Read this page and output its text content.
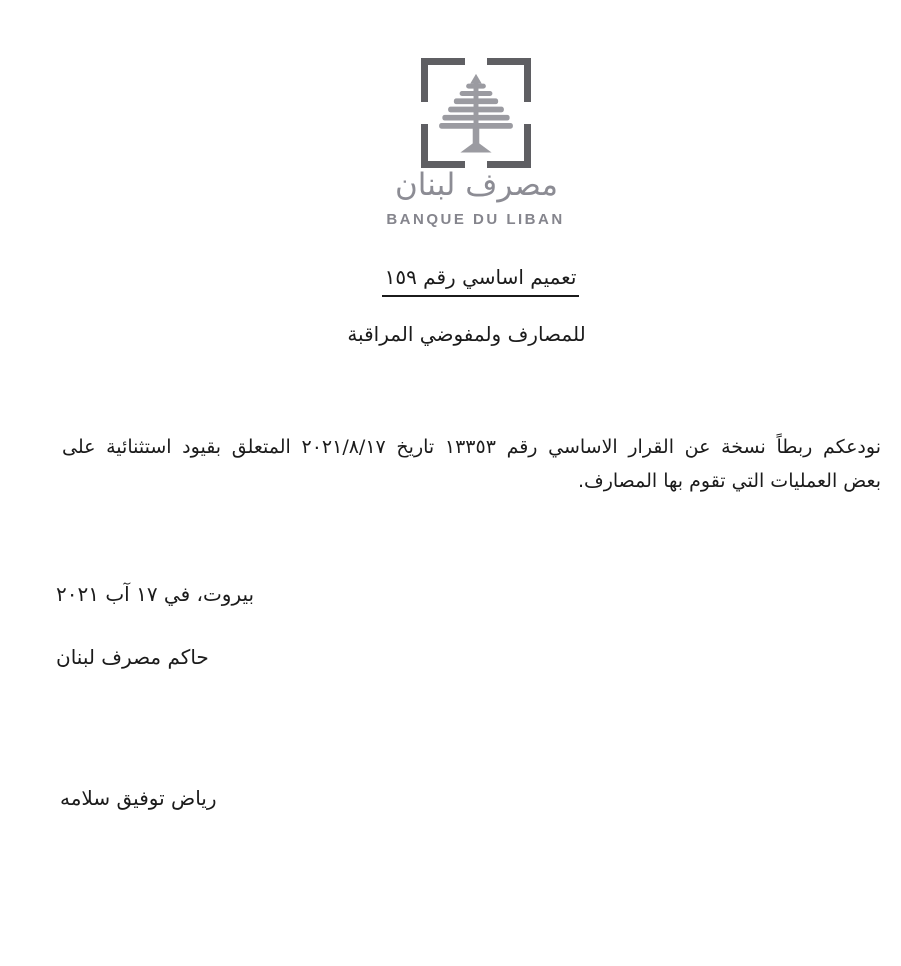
مصرف لبنان
BANQUE DU LIBAN
تعميم اساسي رقم ١٥٩
للمصارف ولمفوضي المراقبة

نودعكم ربطاً نسخة عن القرار الاساسي رقم ١٣٣٥٣ تاريخ ٢٠٢١/٨/١٧ المتعلق بقيود استثنائية على

بعض العمليات التي تقوم بها المصارف.

بيروت، في ١٧ آب ٢٠٢١
حاكم مصرف لبنان
رياض توفيق سلامه
